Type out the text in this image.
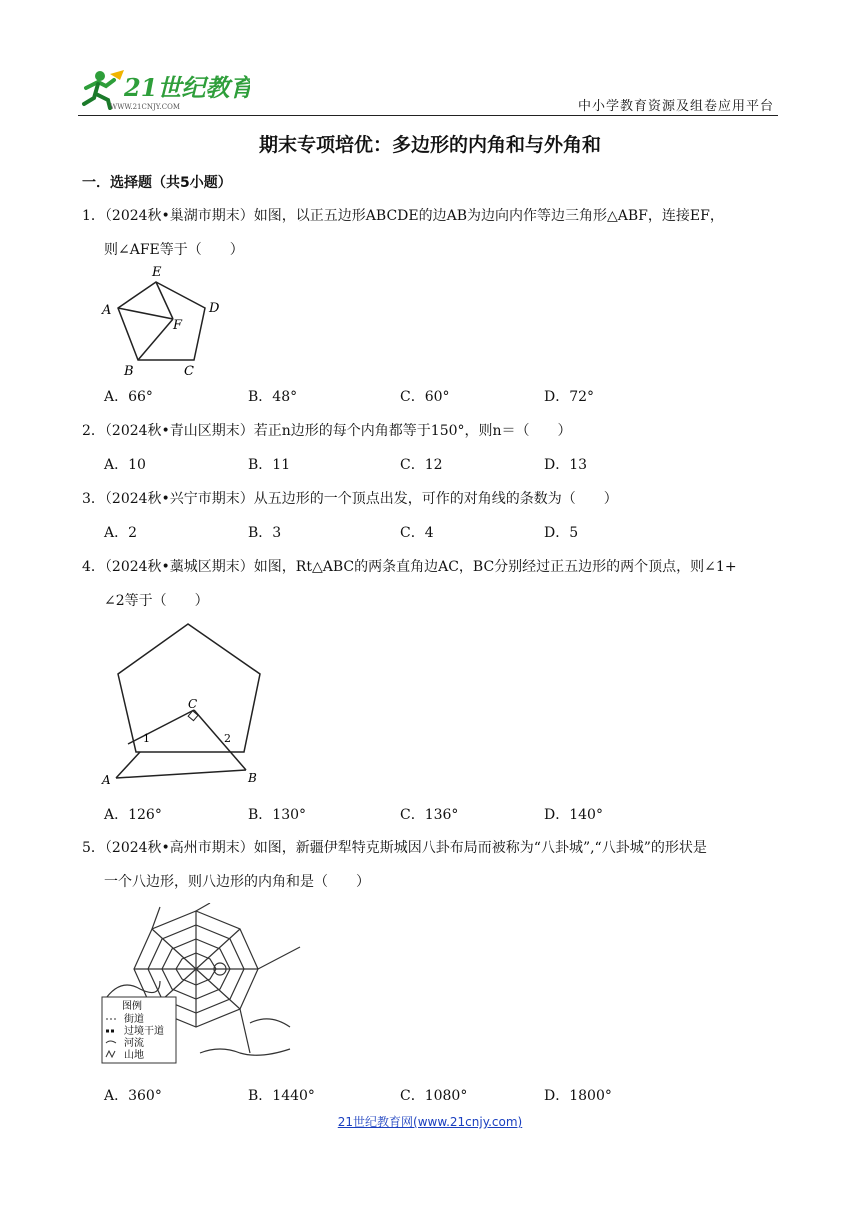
21世纪教育
WWW.21CNJY.COM	中小学教育资源及组卷应用平台
期末专项培优：多边形的内角和与外角和
一．选择题（共5小题）
1．（2024秋•巢湖市期末）如图，以正五边形ABCDE的边AB为边向内作等边三角形△ABF，连接EF，
则∠AFE等于（　　）
E
A	D
F
B	C
A．66°	B．48°	C．60°	D．72°
2．（2024秋•青山区期末）若正n边形的每个内角都等于150°，则n＝（　　）
A．10	B．11	C．12	D．13
3．（2024秋•兴宁市期末）从五边形的一个顶点出发，可作的对角线的条数为（　　）
A．2	B．3	C．4	D．5
4．（2024秋•藁城区期末）如图，Rt△ABC的两条直角边AC，BC分别经过正五边形的两个顶点，则∠1+
∠2等于（　　）
C
1	2
A	B
A．126°	B．130°	C．136°	D．140°
5．（2024秋•高州市期末）如图，新疆伊犁特克斯城因八卦布局而被称为“八卦城”,“八卦城”的形状是
一个八边形，则八边形的内角和是（　　）
图例
街道
过境干道
河流
山地
A．360°	B．1440°	C．1080°	D．1800°
21世纪教育网(www.21cnjy.com)
